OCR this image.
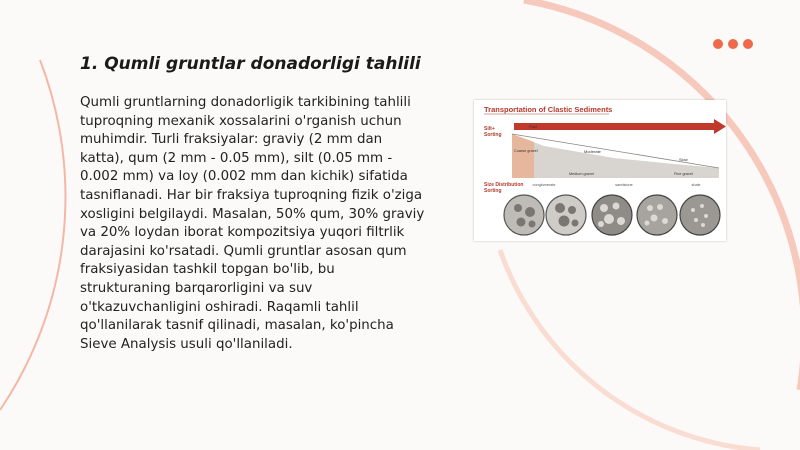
1. Qumli gruntlar donadorligi tahlili

Qumli gruntlarning donadorligik tarkibining tahlili tuproqning mexanik xossalarini o'rganish uchun muhimdir. Turli fraksiyalar: graviy (2 mm dan katta), qum (2 mm - 0.05 mm), silt (0.05 mm - 0.002 mm) va loy (0.002 mm dan kichik) sifatida tasniflanadi. Har bir fraksiya tuproqning fizik o'ziga xosligini belgilaydi. Masalan, 50% qum, 30% graviy va 20% loydan iborat kompozitsiya yuqori filtrlik darajasini ko'rsatadi. Qumli gruntlar asosan qum fraksiyasidan tashkil topgan bo'lib, bu strukturaning barqarorligini va suv o'tkazuvchanligini oshiradi. Raqamli tahlil qo'llanilarak tasnif qilinadi, masalan, ko'pincha Sieve Analysis usuli qo'llaniladi.

Transportation of Clastic Sediments
Silt+
Sorting
Fast
Moderate
Slow
Coarse gravel
Medium gravel	Fine gravel
Size Distribution
Sorting
conglomerate	sandstone	shale
